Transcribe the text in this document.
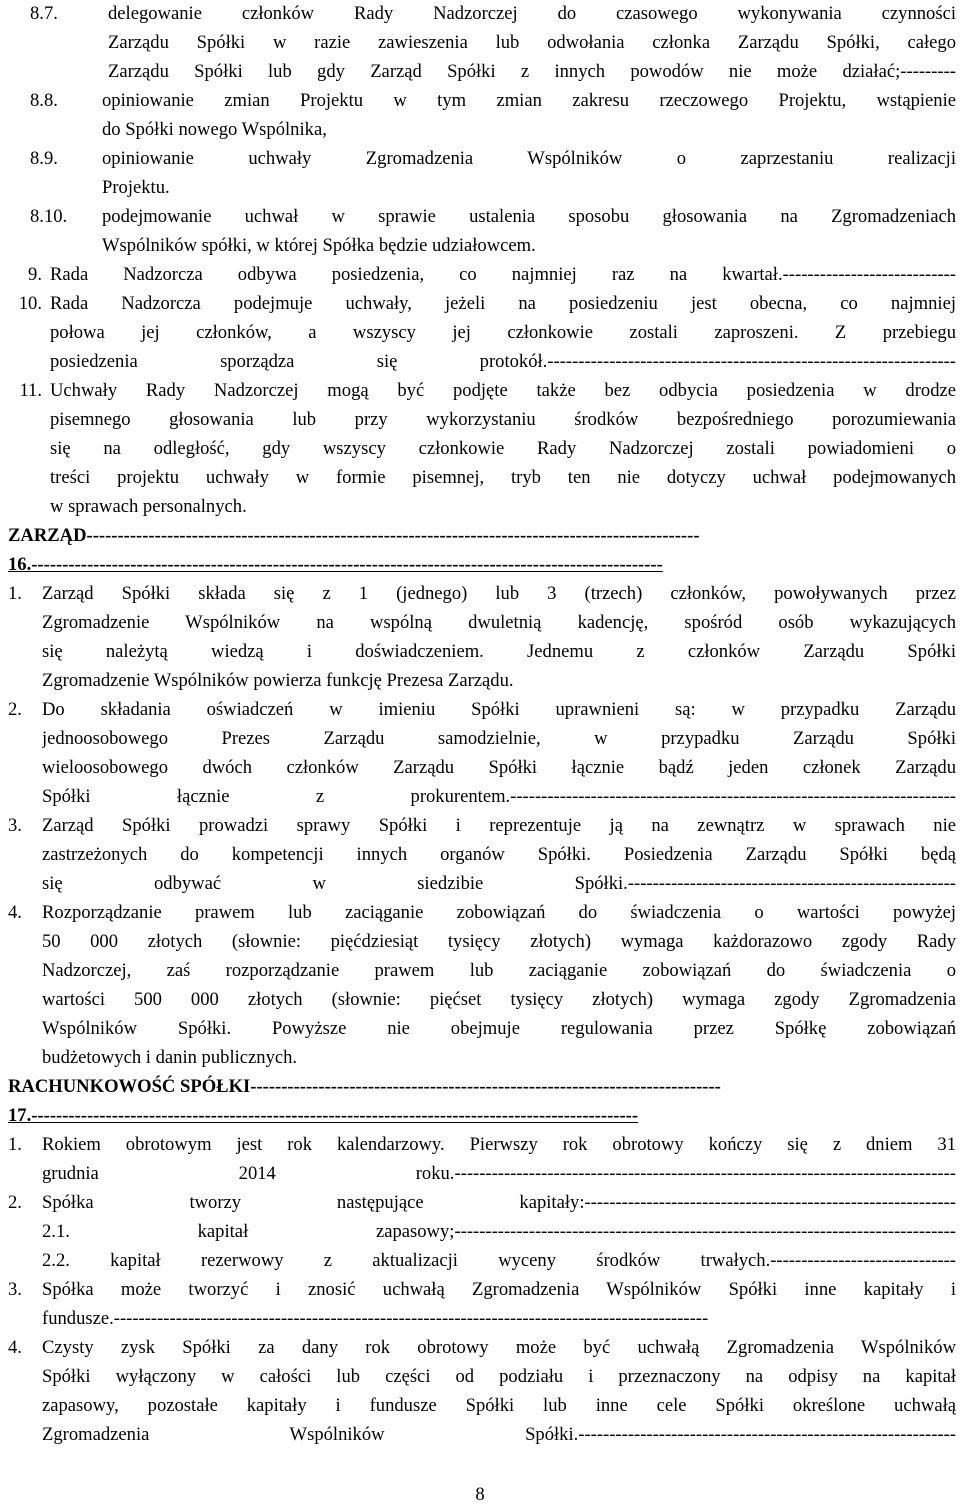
8.7.	delegowanie członków Rady Nadzorczej do czasowego wykonywania czynności
Zarządu Spółki w razie zawieszenia lub odwołania członka Zarządu Spółki, całego
Zarządu Spółki lub gdy Zarząd Spółki z innych powodów nie może działać;---------
8.8. opiniowanie zmian Projektu w tym zmian zakresu rzeczowego Projektu, wstąpienie
do Spółki nowego Wspólnika,
8.9. opiniowanie uchwały Zgromadzenia Wspólników o zaprzestaniu realizacji
Projektu.
8.10. podejmowanie uchwał w sprawie ustalenia sposobu głosowania na Zgromadzeniach
Wspólników spółki, w której Spółka będzie udziałowcem.
9. Rada Nadzorcza odbywa posiedzenia, co najmniej raz na kwartał.----------------------------
10. Rada Nadzorcza podejmuje uchwały, jeżeli na posiedzeniu jest obecna, co najmniej
połowa jej członków, a wszyscy jej członkowie zostali zaproszeni. Z przebiegu
posiedzenia sporządza się protokół.------------------------------------------------------------------
11. Uchwały Rady Nadzorczej mogą być podjęte także bez odbycia posiedzenia w drodze
pisemnego głosowania lub przy wykorzystaniu środków bezpośredniego porozumiewania
się na odległość, gdy wszyscy członkowie Rady Nadzorczej zostali powiadomieni o
treści projektu uchwały w formie pisemnej, tryb ten nie dotyczy uchwał podejmowanych
w sprawach personalnych.
ZARZĄD---------------------------------------------------------------------------------------------------
16.------------------------------------------------------------------------------------------------------
1.	Zarząd Spółki składa się z 1 (jednego) lub 3 (trzech) członków, powoływanych przez
Zgromadzenie Wspólników na wspólną dwuletnią kadencję, spośród osób wykazujących
się należytą wiedzą i doświadczeniem. Jednemu z członków Zarządu Spółki
Zgromadzenie Wspólników powierza funkcję Prezesa Zarządu.
2.	Do składania oświadczeń w imieniu Spółki uprawnieni są: w przypadku Zarządu
jednoosobowego Prezes Zarządu samodzielnie, w przypadku Zarządu Spółki
wieloosobowego dwóch członków Zarządu Spółki łącznie bądź jeden członek Zarządu
Spółki łącznie z prokurentem.------------------------------------------------------------------------
3.	Zarząd Spółki prowadzi sprawy Spółki i reprezentuje ją na zewnątrz w sprawach nie
zastrzeżonych do kompetencji innych organów Spółki. Posiedzenia Zarządu Spółki będą
się odbywać w siedzibie Spółki.-----------------------------------------------------
4.	Rozporządzanie prawem lub zaciąganie zobowiązań do świadczenia o wartości powyżej
50 000 złotych (słownie: pięćdziesiąt tysięcy złotych) wymaga każdorazowo zgody Rady
Nadzorczej, zaś rozporządzanie prawem lub zaciąganie zobowiązań do świadczenia o
wartości 500 000 złotych (słownie: pięćset tysięcy złotych) wymaga zgody Zgromadzenia
Wspólników Spółki. Powyższe nie obejmuje regulowania przez Spółkę zobowiązań
budżetowych i danin publicznych.
RACHUNKOWOŚĆ SPÓŁKI----------------------------------------------------------------------------
17.--------------------------------------------------------------------------------------------------
1.	Rokiem obrotowym jest rok kalendarzowy. Pierwszy rok obrotowy kończy się z dniem 31
grudnia 2014 roku.---------------------------------------------------------------------------------
2.	Spółka tworzy następujące kapitały:------------------------------------------------------------
2.1. kapitał zapasowy;---------------------------------------------------------------------------------
2.2. kapitał rezerwowy z aktualizacji wyceny środków trwałych.------------------------------
3.	Spółka może tworzyć i znosić uchwałą Zgromadzenia Wspólników Spółki inne kapitały i
fundusze.------------------------------------------------------------------------------------------------
4.	Czysty zysk Spółki za dany rok obrotowy może być uchwałą Zgromadzenia Wspólników
Spółki wyłączony w całości lub części od podziału i przeznaczony na odpisy na kapitał
zapasowy, pozostałe kapitały i fundusze Spółki lub inne cele Spółki określone uchwałą
Zgromadzenia Wspólników Spółki.-------------------------------------------------------------
8
